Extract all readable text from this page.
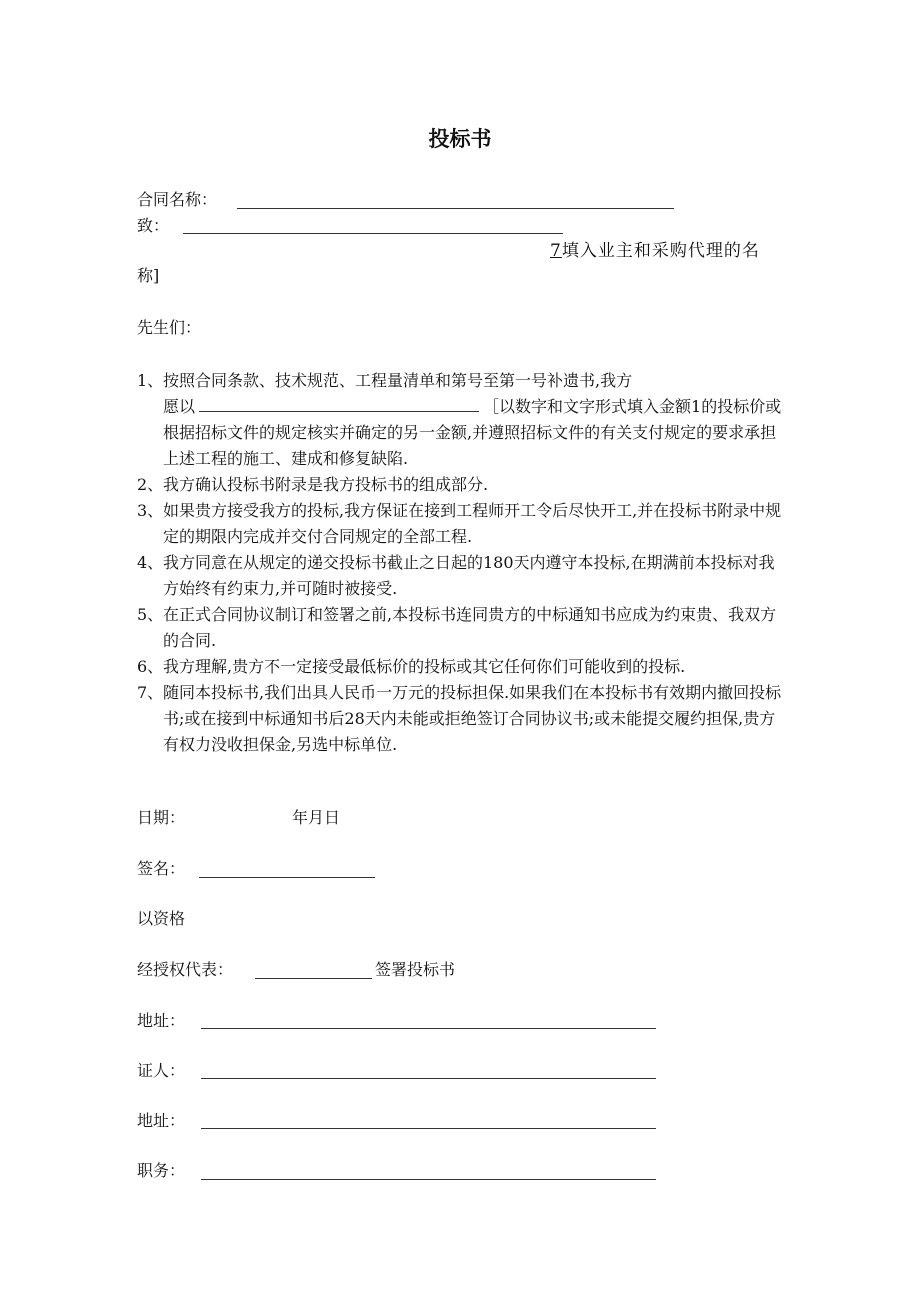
投标书
合同名称：
致：
7填入业主和采购代理的名
称]
先生们：
1、 按照合同条款、技术规范、工程量清单和第号至第一号补遗书,我方
愿以	［以数字和文字形式填入金额1的投标价或根据招标文件的规定核实并确定的另一金额,并遵照招标文件的有关支付规定的要求承担上述工程的施工、建成和修复缺陷.
2、 我方确认投标书附录是我方投标书的组成部分.
3、 如果贵方接受我方的投标,我方保证在接到工程师开工令后尽快开工,并在投标书附录中规定的期限内完成并交付合同规定的全部工程.
4、 我方同意在从规定的递交投标书截止之日起的180天内遵守本投标,在期满前本投标对我方始终有约束力,并可随时被接受.
5、 在正式合同协议制订和签署之前,本投标书连同贵方的中标通知书应成为约束贵、我双方的合同.
6、 我方理解,贵方不一定接受最低标价的投标或其它任何你们可能收到的投标.
7、 随同本投标书,我们出具人民币一万元的投标担保.如果我们在本投标书有效期内撤回投标书;或在接到中标通知书后28天内未能或拒绝签订合同协议书;或未能提交履约担保,贵方有权力没收担保金,另选中标单位.
日期：	年月日
签名：
以资格
经授权代表：	签署投标书
地址：
证人：
地址：
职务：
